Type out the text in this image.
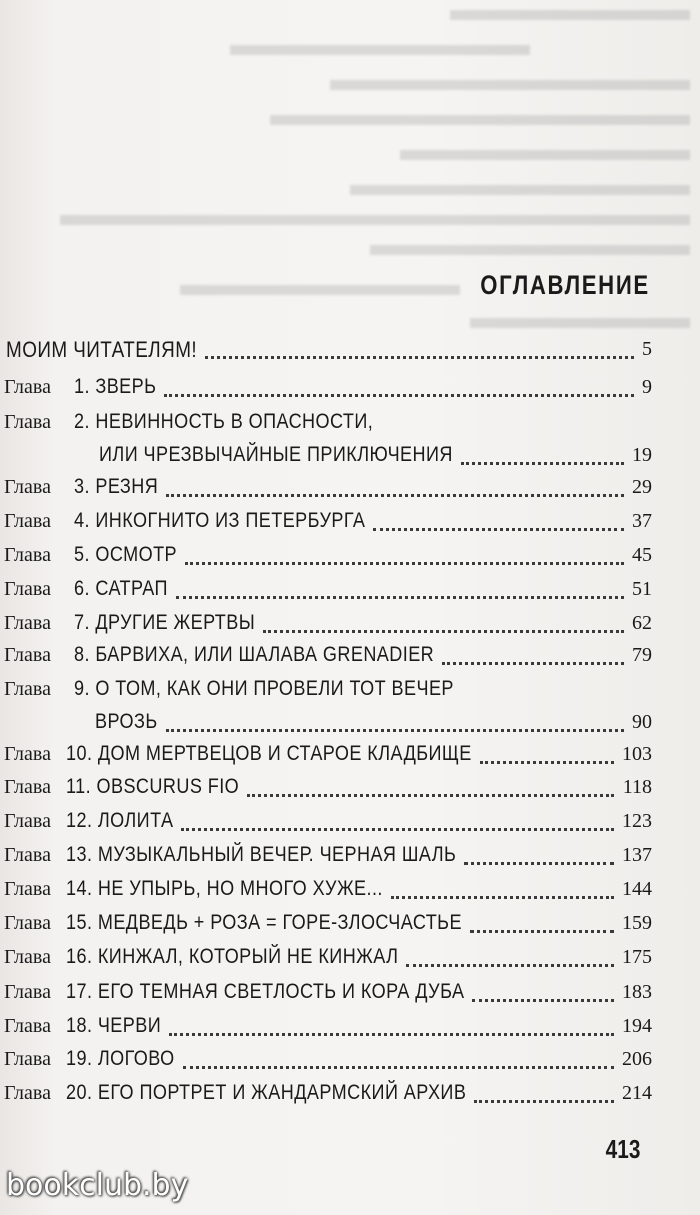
ОГЛАВЛЕНИЕ
МОИМ ЧИТАТЕЛЯМ!	5
Глава 1. ЗВЕРЬ	9
Глава 2. НЕВИННОСТЬ В ОПАСНОСТИ,
ИЛИ ЧРЕЗВЫЧАЙНЫЕ ПРИКЛЮЧЕНИЯ	19
Глава 3. РЕЗНЯ	29
Глава 4. ИНКОГНИТО ИЗ ПЕТЕРБУРГА	37
Глава 5. ОСМОТР	45
Глава 6. САТРАП	51
Глава 7. ДРУГИЕ ЖЕРТВЫ	62
Глава 8. БАРВИХА, ИЛИ ШАЛАВА GRENADIER	79
Глава 9. О ТОМ, КАК ОНИ ПРОВЕЛИ ТОТ ВЕЧЕР
ВРОЗЬ	90
Глава 10. ДОМ МЕРТВЕЦОВ И СТАРОЕ КЛАДБИЩЕ	103
Глава 11. OBSCURUS FIO	118
Глава 12. ЛОЛИТА	123
Глава 13. МУЗЫКАЛЬНЫЙ ВЕЧЕР. ЧЕРНАЯ ШАЛЬ	137
Глава 14. НЕ УПЫРЬ, НО МНОГО ХУЖЕ...	144
Глава 15. МЕДВЕДЬ + РОЗА = ГОРЕ-ЗЛОСЧАСТЬЕ	159
Глава 16. КИНЖАЛ, КОТОРЫЙ НЕ КИНЖАЛ	175
Глава 17. ЕГО ТЕМНАЯ СВЕТЛОСТЬ И КОРА ДУБА	183
Глава 18. ЧЕРВИ	194
Глава 19. ЛОГОВО	206
Глава 20. ЕГО ПОРТРЕТ И ЖАНДАРМСКИЙ АРХИВ	214
413
bookclub.by
